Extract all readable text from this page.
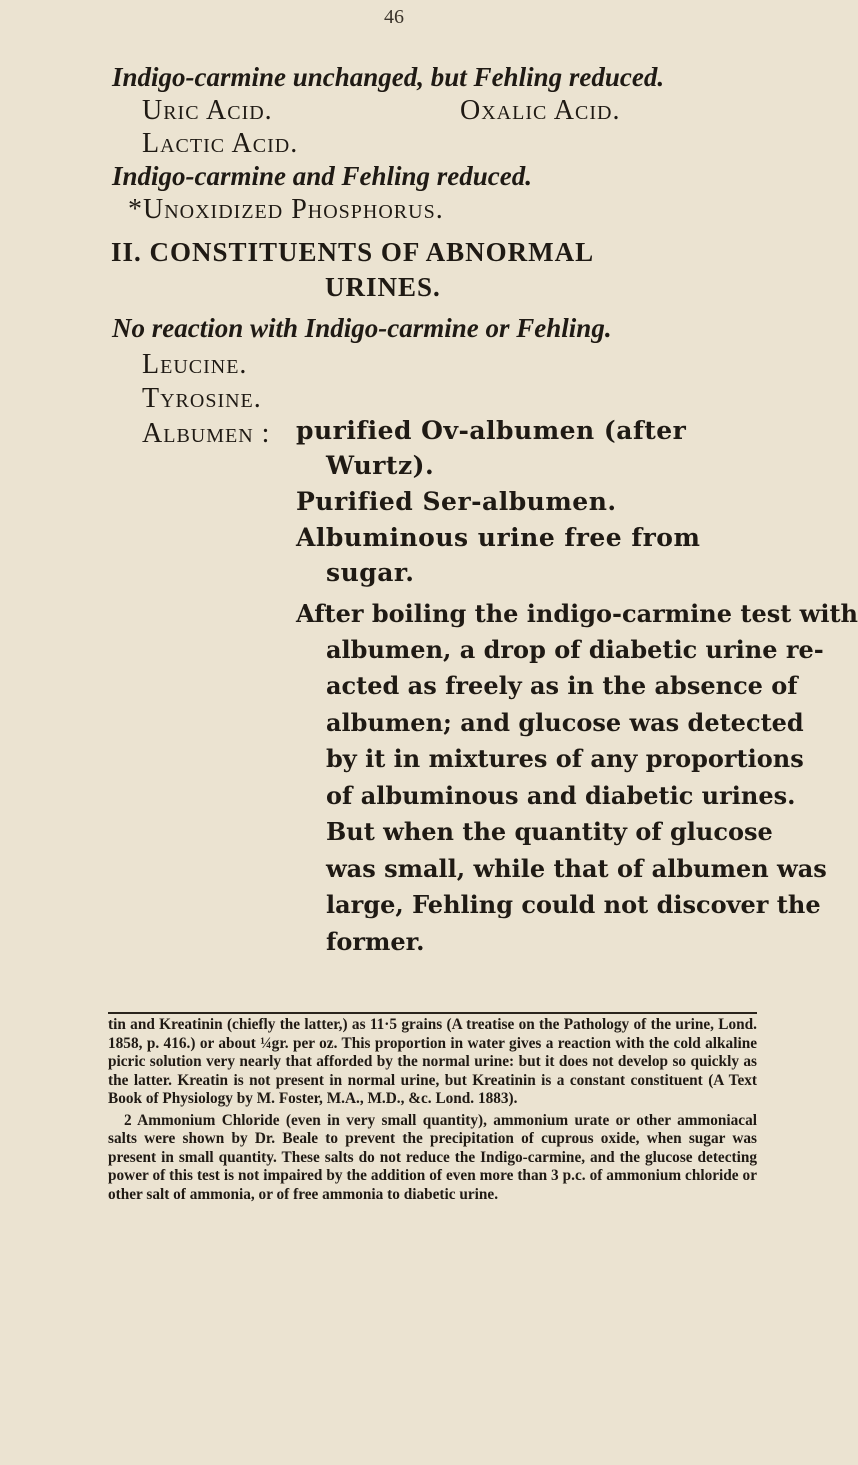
46
Indigo-carmine unchanged, but Fehling reduced.
Uric Acid.	Oxalic Acid.
Lactic Acid.
Indigo-carmine and Fehling reduced.
*Unoxidized Phosphorus.
II. CONSTITUENTS OF ABNORMAL
URINES.
No reaction with Indigo-carmine or Fehling.
Leucine.
Tyrosine.
Albumen : purified Ov-albumen (after
Wurtz).
Purified Ser-albumen.
Albuminous urine free from
sugar.
After boiling the indigo-carmine test with
albumen, a drop of diabetic urine re-
acted as freely as in the absence of
albumen; and glucose was detected
by it in mixtures of any proportions
of albuminous and diabetic urines.
But when the quantity of glucose
was small, while that of albumen was
large, Fehling could not discover the
former.

tin and Kreatinin (chiefly the latter,) as 11·5 grains (A treatise on the Pathology of the urine, Lond. 1858, p. 416.) or about ¼gr. per oz. This proportion in water gives a reaction with the cold alkaline picric solution very nearly that afforded by the normal urine: but it does not develop so quickly as the latter. Kreatin is not present in normal urine, but Kreatinin is a constant constituent (A Text Book of Physiology by M. Foster, M.A., M.D., &c. Lond. 1883).

2 Ammonium Chloride (even in very small quantity), ammonium urate or other ammoniacal salts were shown by Dr. Beale to prevent the precipitation of cuprous oxide, when sugar was present in small quantity. These salts do not reduce the Indigo-carmine, and the glucose detecting power of this test is not impaired by the addition of even more than 3 p.c. of ammonium chloride or other salt of ammonia, or of free ammonia to diabetic urine.
